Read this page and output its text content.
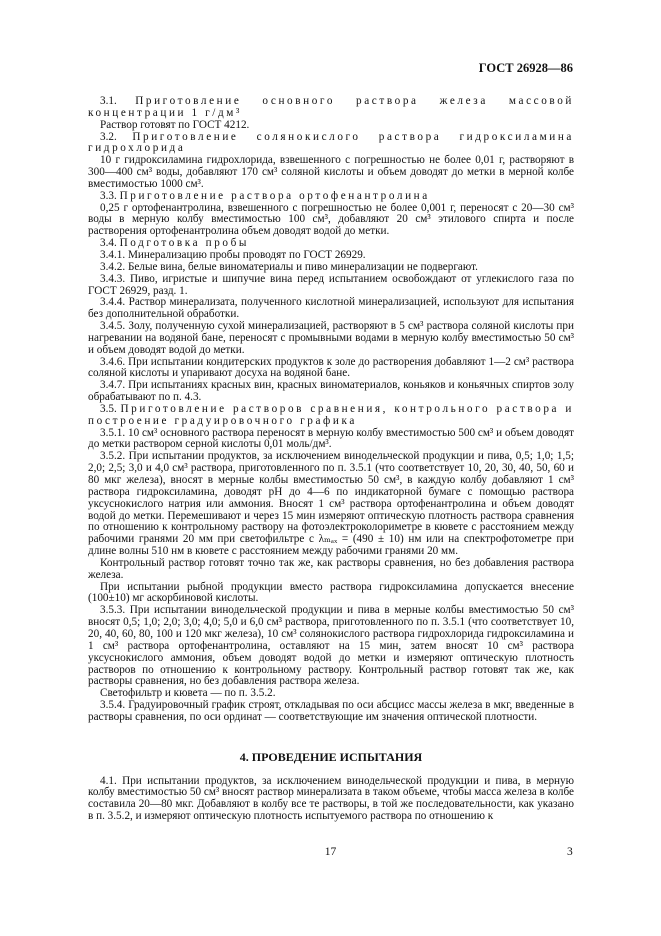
ГОСТ 26928—86

3.1. Приготовление основного раствора железа массовой концентрации 1 г/дм³

Раствор готовят по ГОСТ 4212.

3.2. Приготовление солянокислого раствора гидроксиламина гидрохлорида

10 г гидроксиламина гидрохлорида, взвешенного с погрешностью не более 0,01 г, растворяют в 300—400 см³ воды, добавляют 170 см³ соляной кислоты и объем доводят до метки в мерной колбе вместимостью 1000 см³.

3.3. Приготовление раствора ортофенантролина

0,25 г ортофенантролина, взвешенного с погрешностью не более 0,001 г, переносят с 20—30 см³ воды в мерную колбу вместимостью 100 см³, добавляют 20 см³ этилового спирта и после растворения ортофенантролина объем доводят водой до метки.

3.4. Подготовка пробы

3.4.1. Минерализацию пробы проводят по ГОСТ 26929.

3.4.2. Белые вина, белые виноматериалы и пиво минерализации не подвергают.

3.4.3. Пиво, игристые и шипучие вина перед испытанием освобождают от углекислого газа по ГОСТ 26929, разд. 1.

3.4.4. Раствор минерализата, полученного кислотной минерализацией, используют для испытания без дополнительной обработки.

3.4.5. Золу, полученную сухой минерализацией, растворяют в 5 см³ раствора соляной кислоты при нагревании на водяной бане, переносят с промывными водами в мерную колбу вместимостью 50 см³ и объем доводят водой до метки.

3.4.6. При испытании кондитерских продуктов к золе до растворения добавляют 1—2 см³ раствора соляной кислоты и упаривают досуха на водяной бане.

3.4.7. При испытаниях красных вин, красных виноматериалов, коньяков и коньячных спиртов золу обрабатывают по п. 4.3.

3.5. Приготовление растворов сравнения, контрольного раствора и построение градуировочного графика

3.5.1. 10 см³ основного раствора переносят в мерную колбу вместимостью 500 см³ и объем доводят до метки раствором серной кислоты 0,01 моль/дм³.

3.5.2. При испытании продуктов, за исключением винодельческой продукции и пива, 0,5; 1,0; 1,5; 2,0; 2,5; 3,0 и 4,0 см³ раствора, приготовленного по п. 3.5.1 (что соответствует 10, 20, 30, 40, 50, 60 и 80 мкг железа), вносят в мерные колбы вместимостью 50 см³, в каждую колбу добавляют 1 см³ раствора гидроксиламина, доводят pH до 4—6 по индикаторной бумаге с помощью раствора уксуснокислого натрия или аммония. Вносят 1 см³ раствора ортофенантролина и объем доводят водой до метки. Перемешивают и через 15 мин измеряют оптическую плотность раствора сравнения по отношению к контрольному раствору на фотоэлектроколориметре в кювете с расстоянием между рабочими гранями 20 мм при светофильтре с λₘₐₓ = (490 ± 10) нм или на спектрофотометре при длине волны 510 нм в кювете с расстоянием между рабочими гранями 20 мм.

Контрольный раствор готовят точно так же, как растворы сравнения, но без добавления раствора железа.

При испытании рыбной продукции вместо раствора гидроксиламина допускается внесение (100±10) мг аскорбиновой кислоты.

3.5.3. При испытании винодельческой продукции и пива в мерные колбы вместимостью 50 см³ вносят 0,5; 1,0; 2,0; 3,0; 4,0; 5,0 и 6,0 см³ раствора, приготовленного по п. 3.5.1 (что соответствует 10, 20, 40, 60, 80, 100 и 120 мкг железа), 10 см³ солянокислого раствора гидрохлорида гидроксиламина и 1 см³ раствора ортофенантролина, оставляют на 15 мин, затем вносят 10 см³ раствора уксуснокислого аммония, объем доводят водой до метки и измеряют оптическую плотность растворов по отношению к контрольному раствору. Контрольный раствор готовят так же, как растворы сравнения, но без добавления раствора железа.

Светофильтр и кювета — по п. 3.5.2.

3.5.4. Градуировочный график строят, откладывая по оси абсцисс массы железа в мкг, введенные в растворы сравнения, по оси ординат — соответствующие им значения оптической плотности.

4. ПРОВЕДЕНИЕ ИСПЫТАНИЯ

4.1. При испытании продуктов, за исключением винодельческой продукции и пива, в мерную колбу вместимостью 50 см³ вносят раствор минерализата в таком объеме, чтобы масса железа в колбе составила 20—80 мкг. Добавляют в колбу все те растворы, в той же последовательности, как указано в п. 3.5.2, и измеряют оптическую плотность испытуемого раствора по отношению к

17	3
